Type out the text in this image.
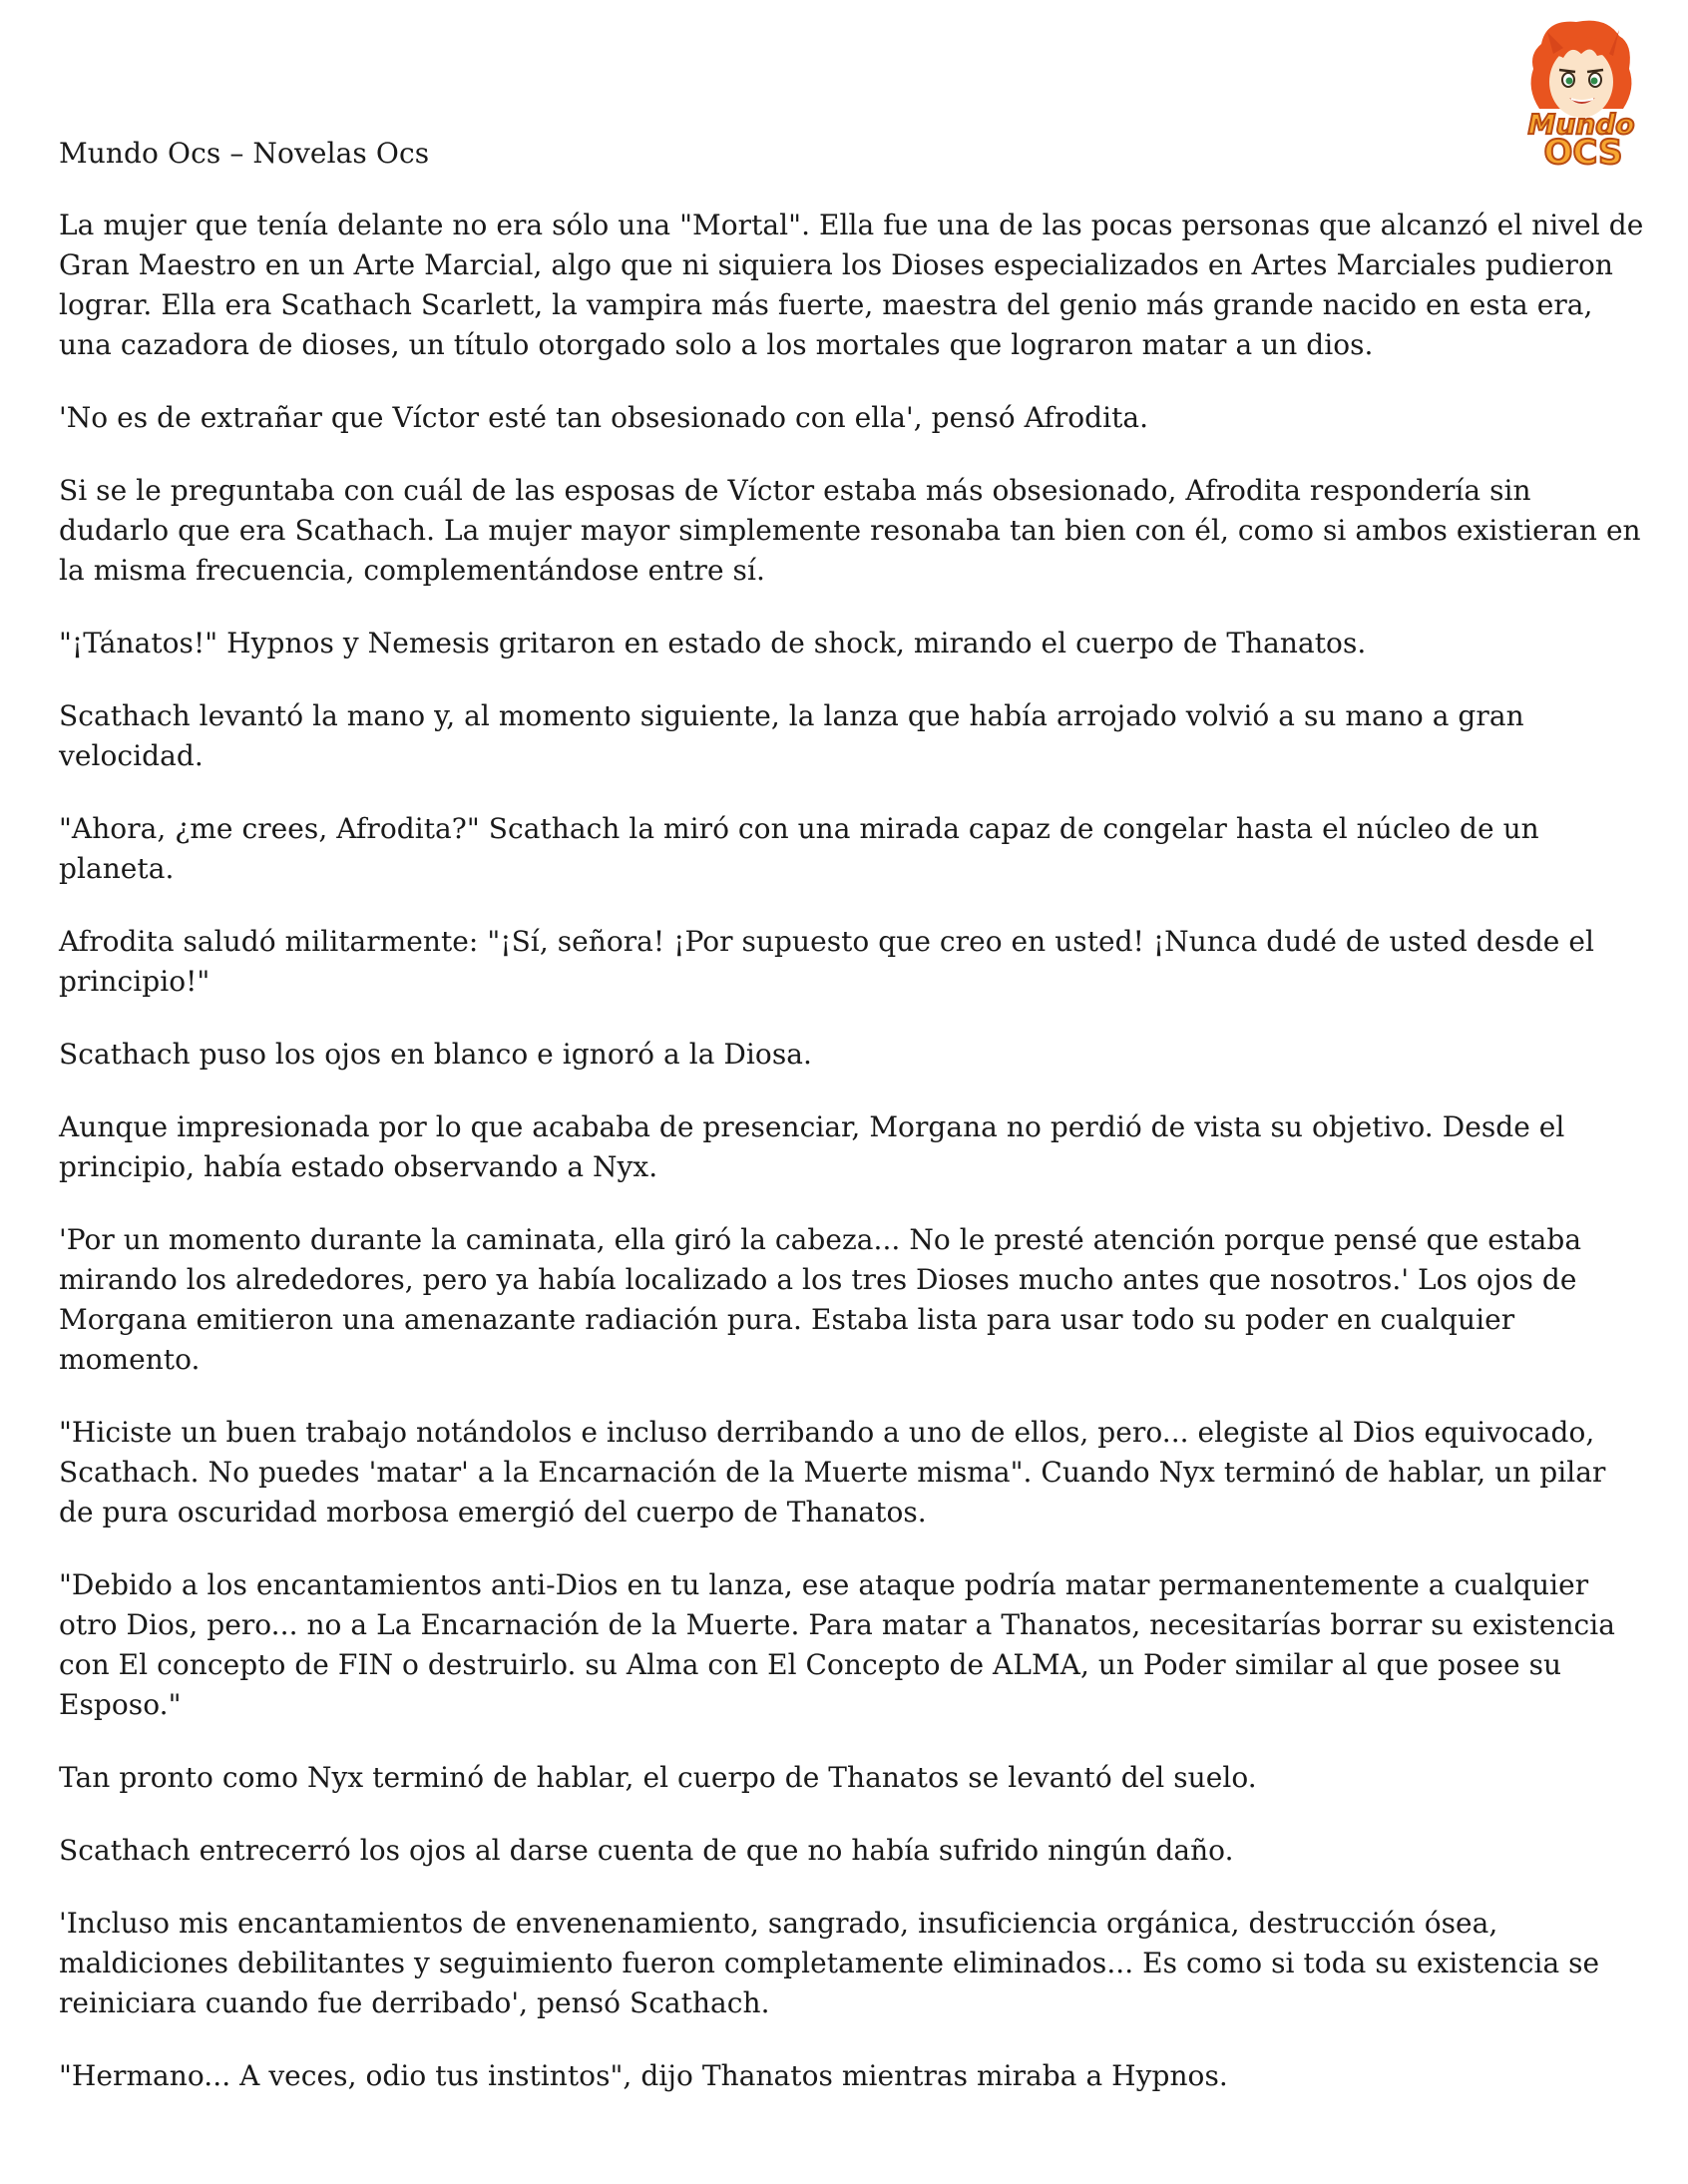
Mundo
OCS
Mundo Ocs – Novelas Ocs

La mujer que tenía delante no era sólo una "Mortal". Ella fue una de las pocas personas que alcanzó el nivel de Gran Maestro en un Arte Marcial, algo que ni siquiera los Dioses especializados en Artes Marciales pudieron lograr. Ella era Scathach Scarlett, la vampira más fuerte, maestra del genio más grande nacido en esta era, una cazadora de dioses, un título otorgado solo a los mortales que lograron matar a un dios.

'No es de extrañar que Víctor esté tan obsesionado con ella', pensó Afrodita.

Si se le preguntaba con cuál de las esposas de Víctor estaba más obsesionado, Afrodita respondería sin dudarlo que era Scathach. La mujer mayor simplemente resonaba tan bien con él, como si ambos existieran en la misma frecuencia, complementándose entre sí.

"¡Tánatos!" Hypnos y Nemesis gritaron en estado de shock, mirando el cuerpo de Thanatos.

Scathach levantó la mano y, al momento siguiente, la lanza que había arrojado volvió a su mano a gran velocidad.

"Ahora, ¿me crees, Afrodita?" Scathach la miró con una mirada capaz de congelar hasta el núcleo de un planeta.

Afrodita saludó militarmente: "¡Sí, señora! ¡Por supuesto que creo en usted! ¡Nunca dudé de usted desde el principio!"

Scathach puso los ojos en blanco e ignoró a la Diosa.

Aunque impresionada por lo que acababa de presenciar, Morgana no perdió de vista su objetivo. Desde el principio, había estado observando a Nyx.

'Por un momento durante la caminata, ella giró la cabeza... No le presté atención porque pensé que estaba mirando los alrededores, pero ya había localizado a los tres Dioses mucho antes que nosotros.' Los ojos de Morgana emitieron una amenazante radiación pura. Estaba lista para usar todo su poder en cualquier momento.

"Hiciste un buen trabajo notándolos e incluso derribando a uno de ellos, pero... elegiste al Dios equivocado, Scathach. No puedes 'matar' a la Encarnación de la Muerte misma". Cuando Nyx terminó de hablar, un pilar de pura oscuridad morbosa emergió del cuerpo de Thanatos.

"Debido a los encantamientos anti-Dios en tu lanza, ese ataque podría matar permanentemente a cualquier otro Dios, pero... no a La Encarnación de la Muerte. Para matar a Thanatos, necesitarías borrar su existencia con El concepto de FIN o destruirlo. su Alma con El Concepto de ALMA, un Poder similar al que posee su Esposo."

Tan pronto como Nyx terminó de hablar, el cuerpo de Thanatos se levantó del suelo.

Scathach entrecerró los ojos al darse cuenta de que no había sufrido ningún daño.

'Incluso mis encantamientos de envenenamiento, sangrado, insuficiencia orgánica, destrucción ósea, maldiciones debilitantes y seguimiento fueron completamente eliminados... Es como si toda su existencia se reiniciara cuando fue derribado', pensó Scathach.

"Hermano... A veces, odio tus instintos", dijo Thanatos mientras miraba a Hypnos.
